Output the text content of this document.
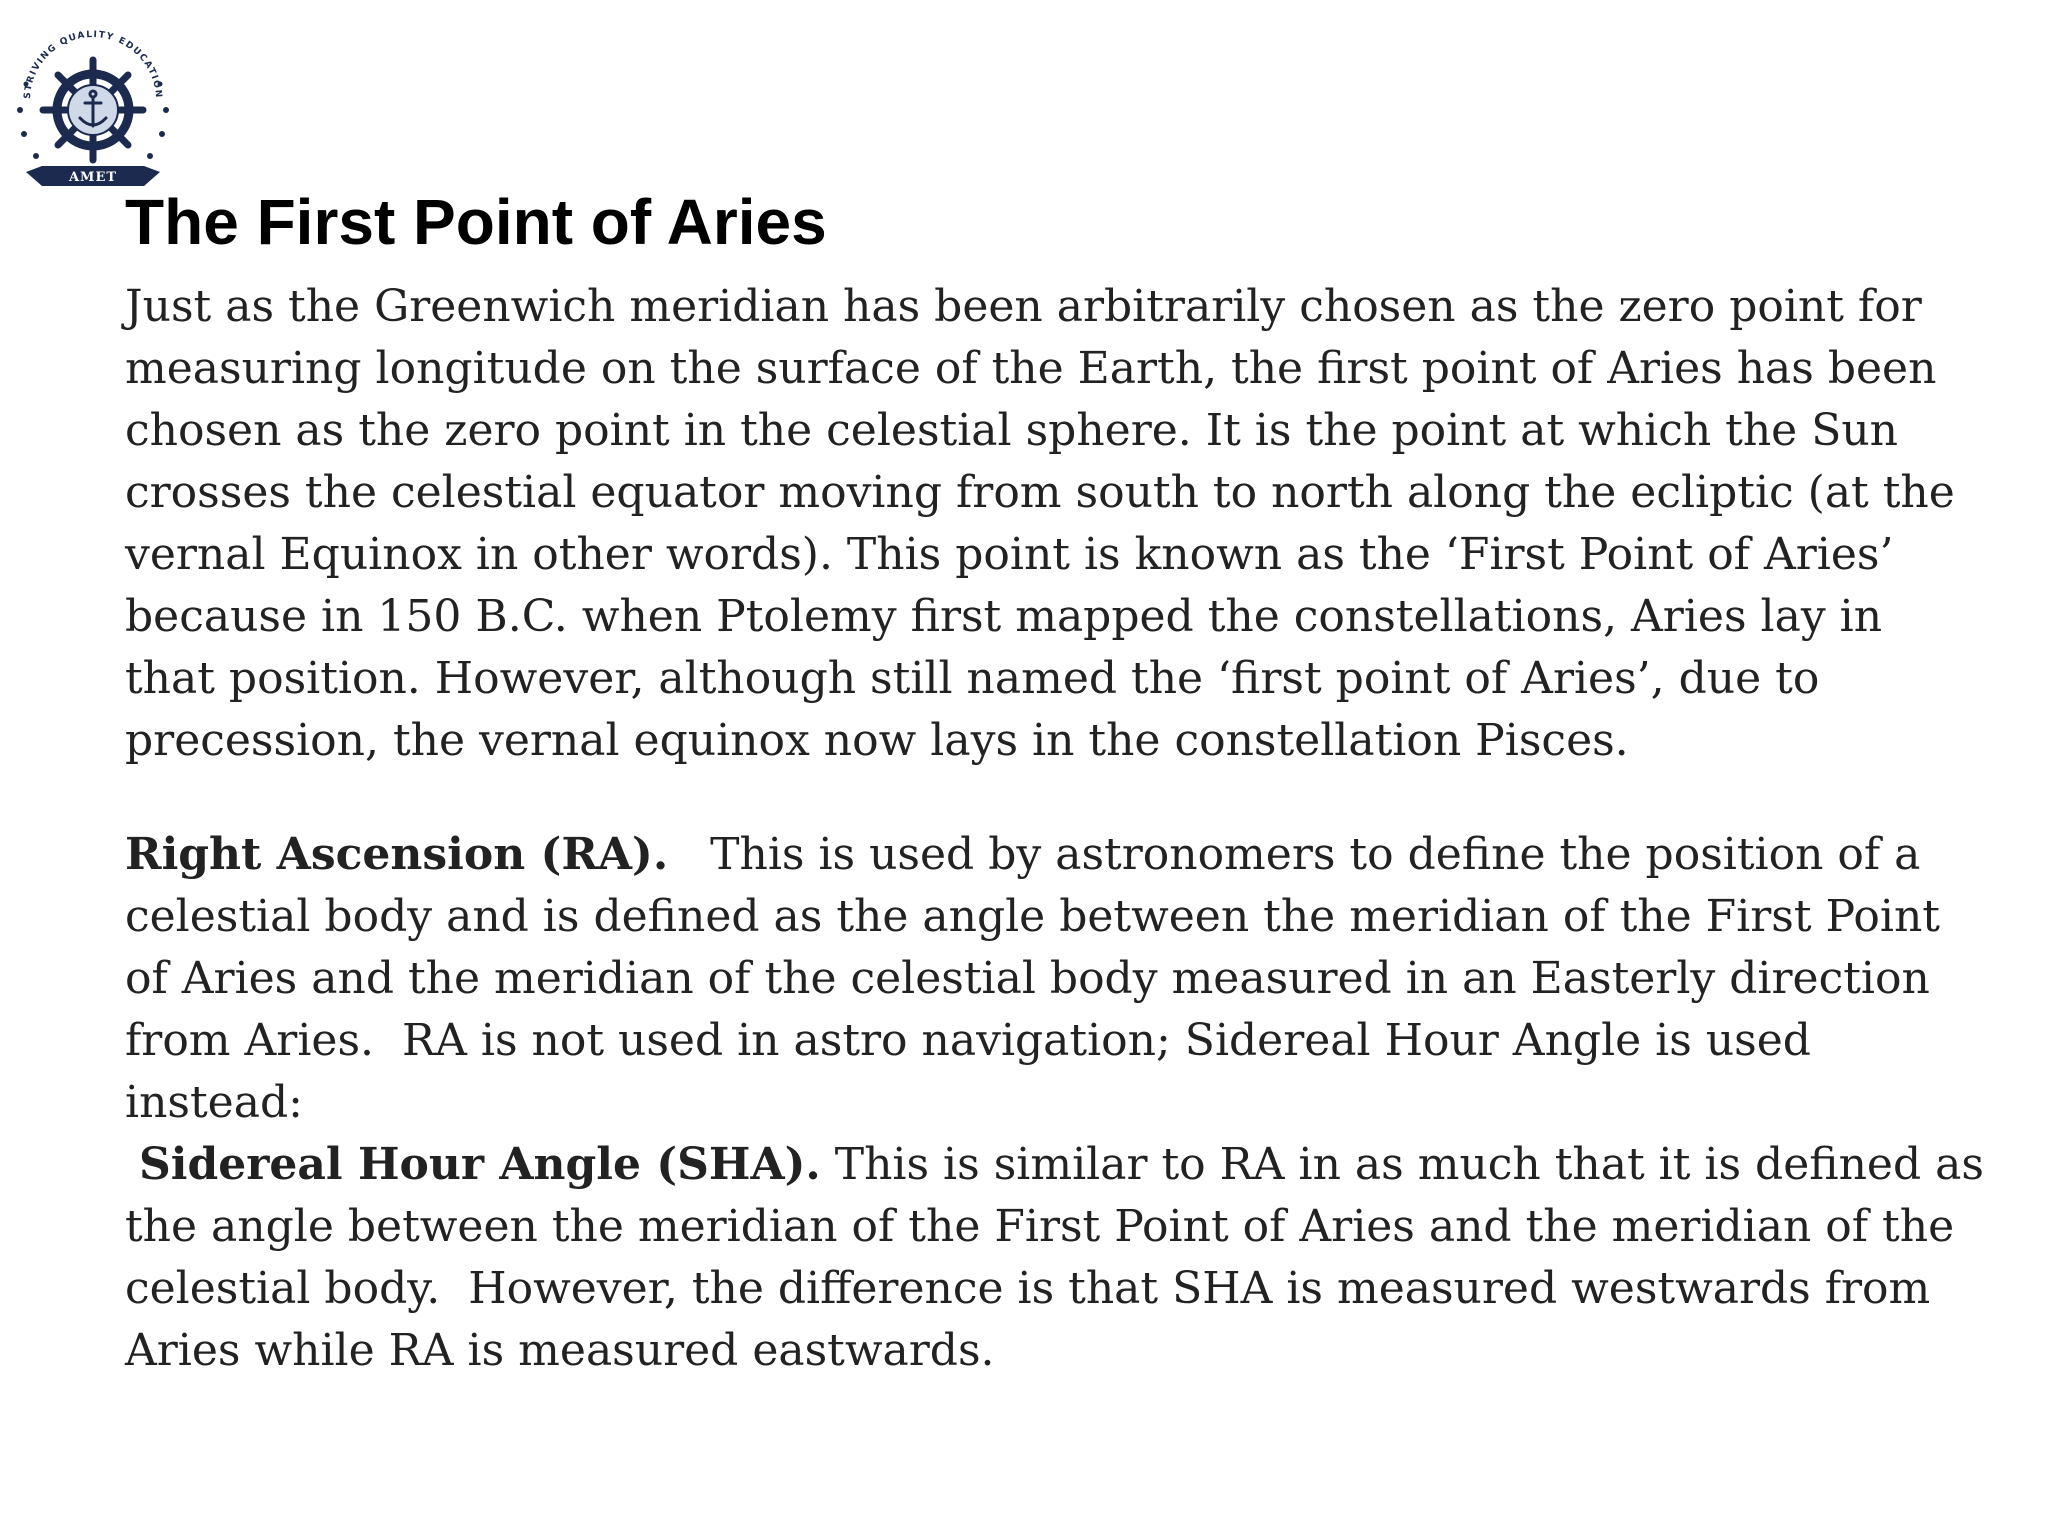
STRIVING QUALITY EDUCATION
AMET
The First Point of Aries

Just as the Greenwich meridian has been arbitrarily chosen as the zero point for measuring longitude on the surface of the Earth, the first point of Aries has been chosen as the zero point in the celestial sphere. It is the point at which the Sun crosses the celestial equator moving from south to north along the ecliptic (at the vernal Equinox in other words). This point is known as the ‘First Point of Aries’ because in 150 B.C. when Ptolemy first mapped the constellations, Aries lay in that position. However, although still named the ‘first point of Aries’, due to precession, the vernal equinox now lays in the constellation Pisces.

Right Ascension (RA).   This is used by astronomers to define the position of a celestial body and is defined as the angle between the meridian of the First Point of Aries and the meridian of the celestial body measured in an Easterly direction from Aries.  RA is not used in astro navigation; Sidereal Hour Angle is used instead:
Sidereal Hour Angle (SHA). This is similar to RA in as much that it is defined as the angle between the meridian of the First Point of Aries and the meridian of the celestial body.  However, the difference is that SHA is measured westwards from Aries while RA is measured eastwards.
